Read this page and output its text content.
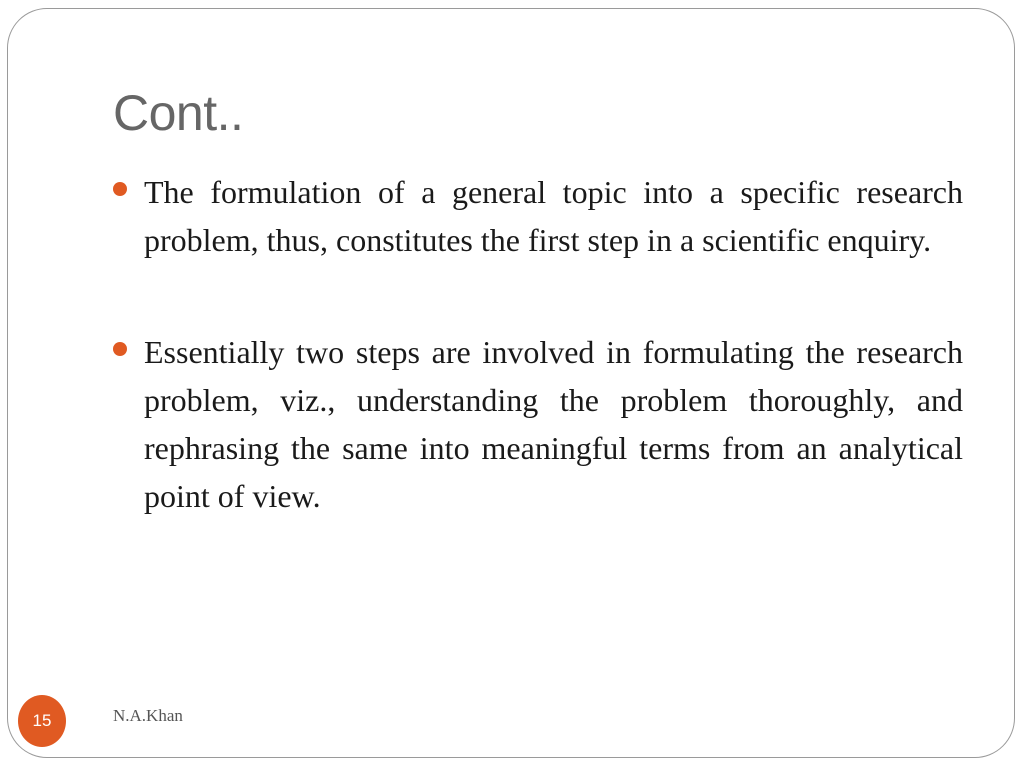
Cont..
The formulation of a general topic into a specific research problem, thus, constitutes the first step in a scientific enquiry.
Essentially two steps are involved in formulating the research problem, viz., understanding the problem thoroughly, and rephrasing the same into meaningful terms from an analytical point of view.
15	N.A.Khan
